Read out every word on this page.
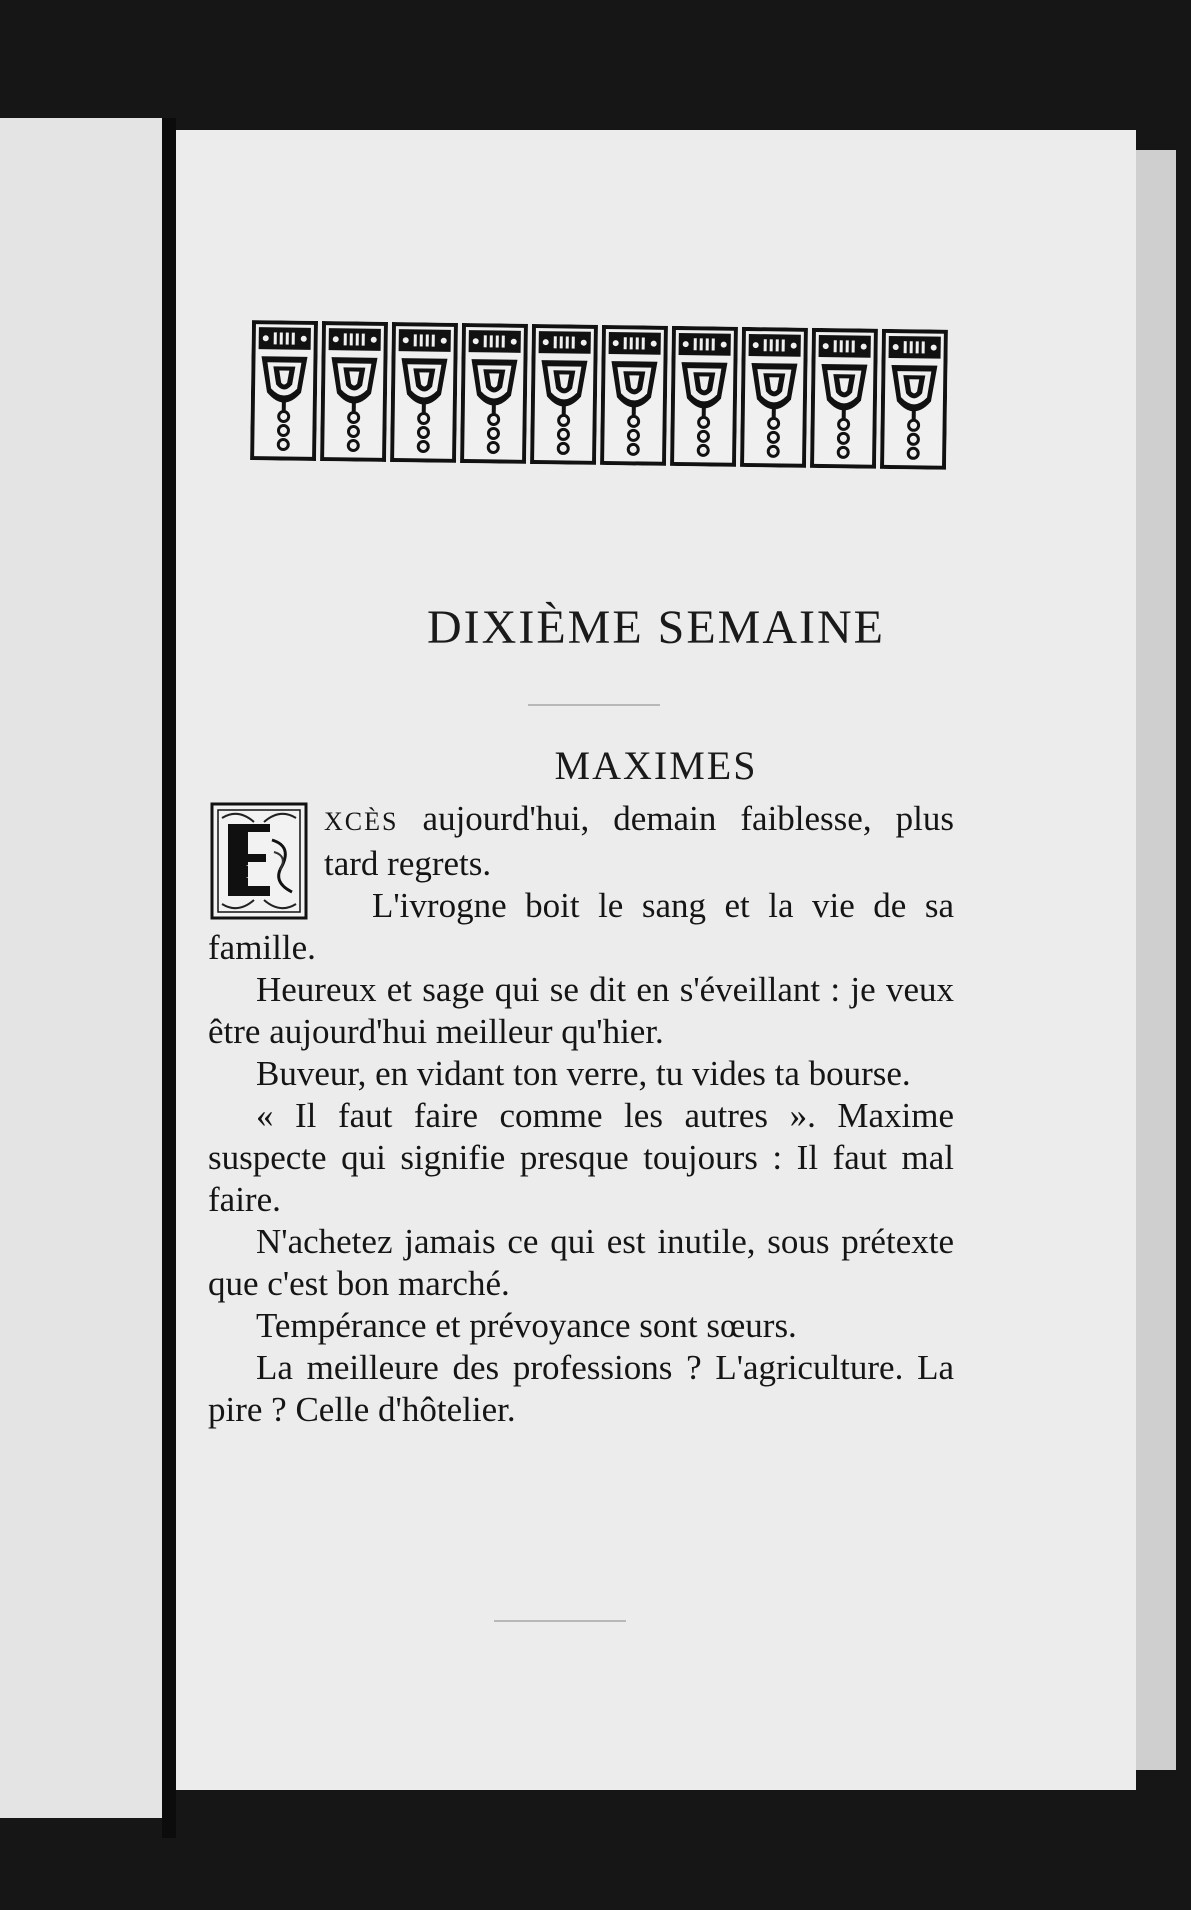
DIXIÈME SEMAINE
MAXIMES

E
XCÈS aujourd'hui, demain faiblesse, plus tard regrets.

L'ivrogne boit le sang et la vie de sa famille.

Heureux et sage qui se dit en s'éveillant : je veux être aujourd'hui meilleur qu'hier.

Buveur, en vidant ton verre, tu vides ta bourse.

« Il faut faire comme les autres ». Maxime suspecte qui signifie presque toujours : Il faut mal faire.

N'achetez jamais ce qui est inutile, sous prétexte que c'est bon marché.

Tempérance et prévoyance sont sœurs.

La meilleure des professions ? L'agriculture. La pire ? Celle d'hôtelier.
